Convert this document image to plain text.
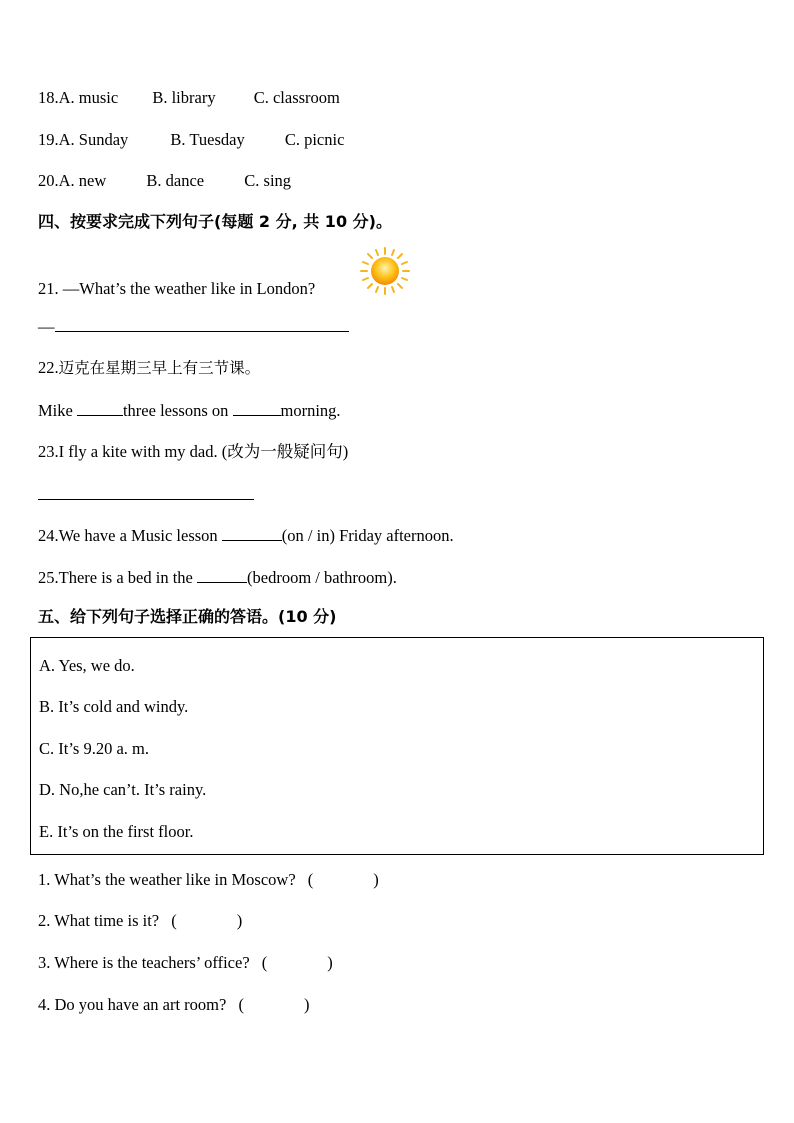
18.A. music B. library C. classroom
19.A. Sunday	B. Tuesday C. picnic
20.A. new B. dance C. sing
四、按要求完成下列句子(每题 2 分, 共 10 分)。
21. —What’s the weather like in London?
—
22.迈克在星期三早上有三节课。
Mike	three lessons on	morning.
23.I fly a kite with my dad. (改为一般疑问句)
24.We have a Music lesson	(on / in) Friday afternoon.
25.There is a bed in the	(bedroom / bathroom).
五、给下列句子选择正确的答语。(10 分)
A. Yes, we do.
B. It’s cold and windy.
C. It’s 9.20 a. m.
D. No,he can’t. It’s rainy.
E. It’s on the first floor.
1. What’s the weather like in Moscow? (	)
2. What time is it? (	)
3. Where is the teachers’ office? (	)
4. Do you have an art room? (	)
